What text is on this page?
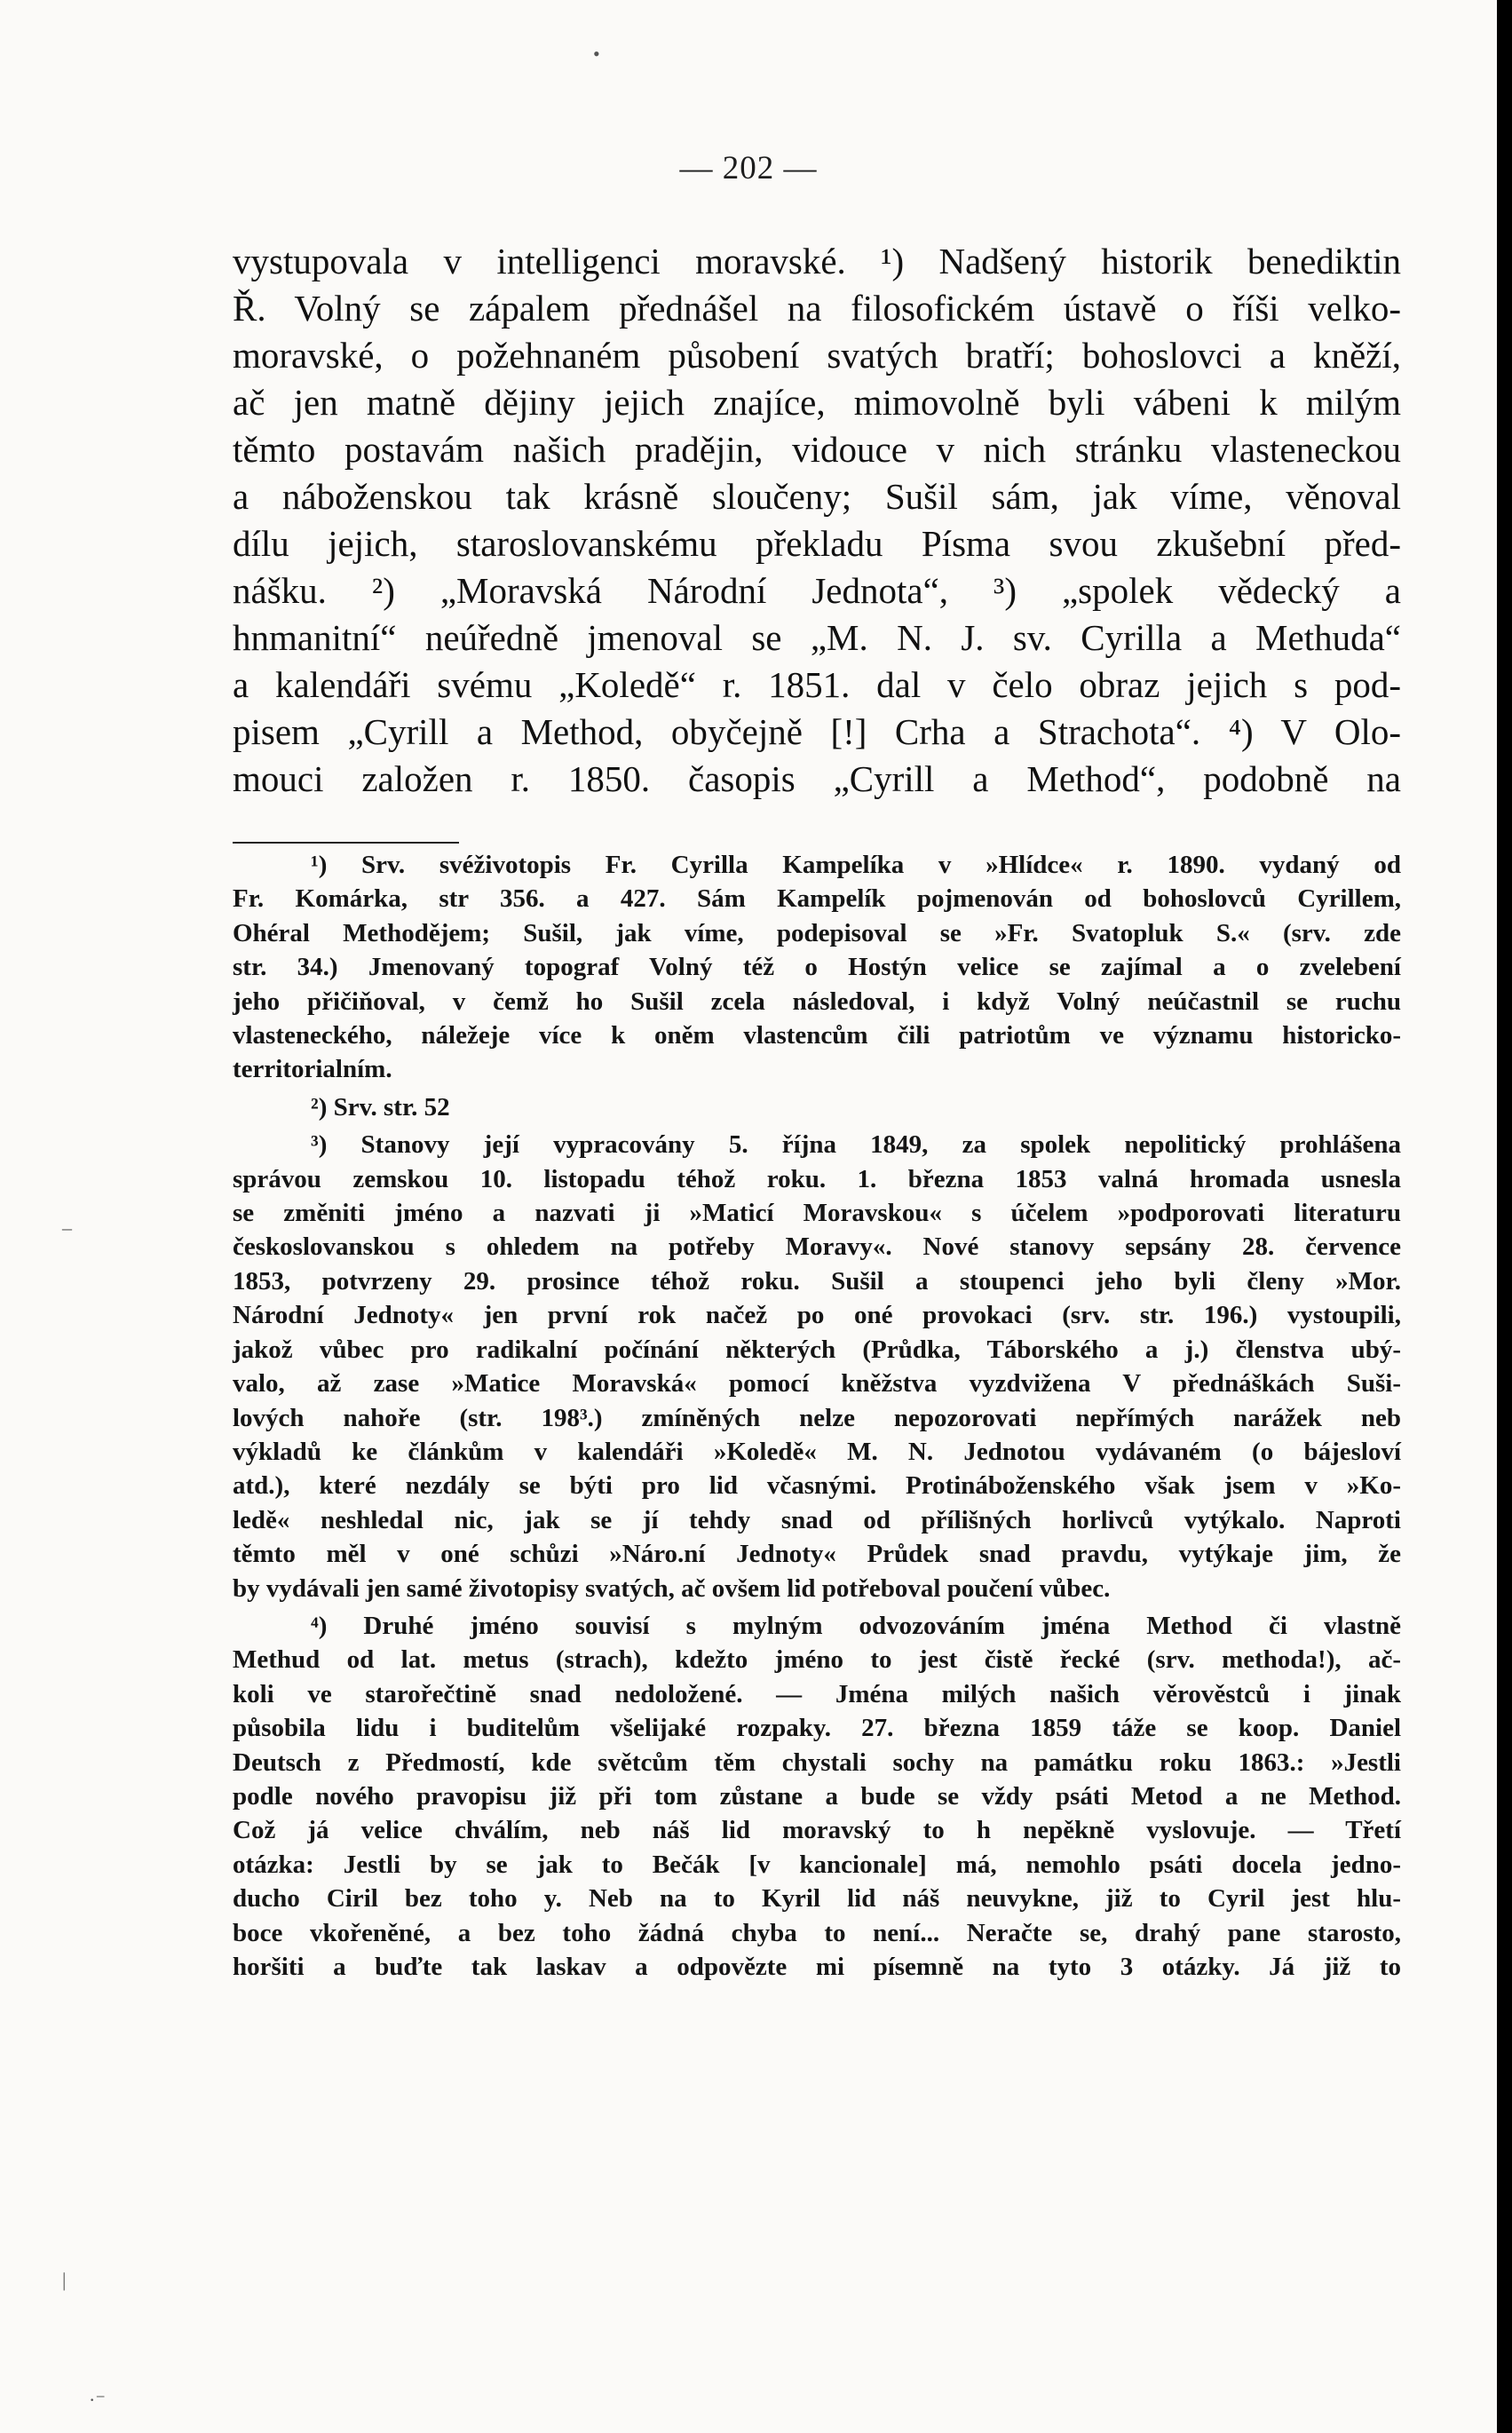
•
— 202 —
vystupovala v intelligenci moravské. ¹) Nadšený historik benediktin
Ř. Volný se zápalem přednášel na filosofickém ústavě o říši velko-
moravské, o požehnaném působení svatých bratří; bohoslovci a kněží,
ač jen matně dějiny jejich znajíce, mimovolně byli vábeni k milým
těmto postavám našich pradějin, vidouce v nich stránku vlasteneckou
a náboženskou tak krásně sloučeny; Sušil sám, jak víme, věnoval
dílu jejich, staroslovanskému překladu Písma svou zkušební před-
nášku. ²) „Moravská Národní Jednota“, ³) „spolek vědecký a
hnmanitní“ neúředně jmenoval se „M. N. J. sv. Cyrilla a Methuda“
a kalendáři svému „Koledě“ r. 1851. dal v čelo obraz jejich s pod-
pisem „Cyrill a Method, obyčejně [!] Crha a Strachota“. ⁴) V Olo-
mouci založen r. 1850. časopis „Cyrill a Method“, podobně na
¹) Srv. svéživotopis Fr. Cyrilla Kampelíka v »Hlídce« r. 1890. vydaný od
Fr. Komárka, str 356. a 427. Sám Kampelík pojmenován od bohoslovců Cyrillem,
Ohéral Methodějem; Sušil, jak víme, podepisoval se »Fr. Svatopluk S.« (srv. zde
str. 34.) Jmenovaný topograf Volný též o Hostýn velice se zajímal a o zvelebení
jeho přičiňoval, v čemž ho Sušil zcela následoval, i když Volný neúčastnil se ruchu
vlasteneckého, náležeje více k oněm vlastencům čili patriotům ve významu historicko-
territorialním.
²) Srv. str. 52
³) Stanovy její vypracovány 5. října 1849, za spolek nepolitický prohlášena
správou zemskou 10. listopadu téhož roku. 1. března 1853 valná hromada usnesla
se změniti jméno a nazvati ji »Maticí Moravskou« s účelem »podporovati literaturu
českoslovanskou s ohledem na potřeby Moravy«. Nové stanovy sepsány 28. července
1853, potvrzeny 29. prosince téhož roku. Sušil a stoupenci jeho byli členy »Mor.
Národní Jednoty« jen první rok načež po oné provokaci (srv. str. 196.) vystoupili,
jakož vůbec pro radikalní počínání některých (Průdka, Táborského a j.) členstva ubý-
valo, až zase »Matice Moravská« pomocí kněžstva vyzdvižena V přednáškách Suši-
lových nahoře (str. 198³.) zmíněných nelze nepozorovati nepřímých narážek neb
výkladů ke článkům v kalendáři »Koledě« M. N. Jednotou vydávaném (o bájesloví
atd.), které nezdály se býti pro lid včasnými. Protináboženského však jsem v »Ko-
ledě« neshledal nic, jak se jí tehdy snad od přílišných horlivců vytýkalo. Naproti
těmto měl v oné schůzi »Náro.ní Jednoty« Průdek snad pravdu, vytýkaje jim, že
by vydávali jen samé životopisy svatých, ač ovšem lid potřeboval poučení vůbec.
⁴) Druhé jméno souvisí s mylným odvozováním jména Method či vlastně
Methud od lat. metus (strach), kdežto jméno to jest čistě řecké (srv. methoda!), ač-
koli ve starořečtině snad nedoložené. — Jména milých našich věrověstců i jinak
působila lidu i buditelům všelijaké rozpaky. 27. března 1859 táže se koop. Daniel
Deutsch z Předmostí, kde světcům těm chystali sochy na památku roku 1863.: »Jestli
podle nového pravopisu již při tom zůstane a bude se vždy psáti Metod a ne Method.
Což já velice chválím, neb náš lid moravský to h nepěkně vyslovuje. — Třetí
otázka: Jestli by se jak to Bečák [v kancionale] má, nemohlo psáti docela jedno-
ducho Ciril bez toho y. Neb na to Kyril lid náš neuvykne, již to Cyril jest hlu-
boce vkořeněné, a bez toho žádná chyba to není... Neračte se, drahý pane starosto,
horšiti a buďte tak laskav a odpovězte mi písemně na tyto 3 otázky. Já již to
–
|
·⁻
